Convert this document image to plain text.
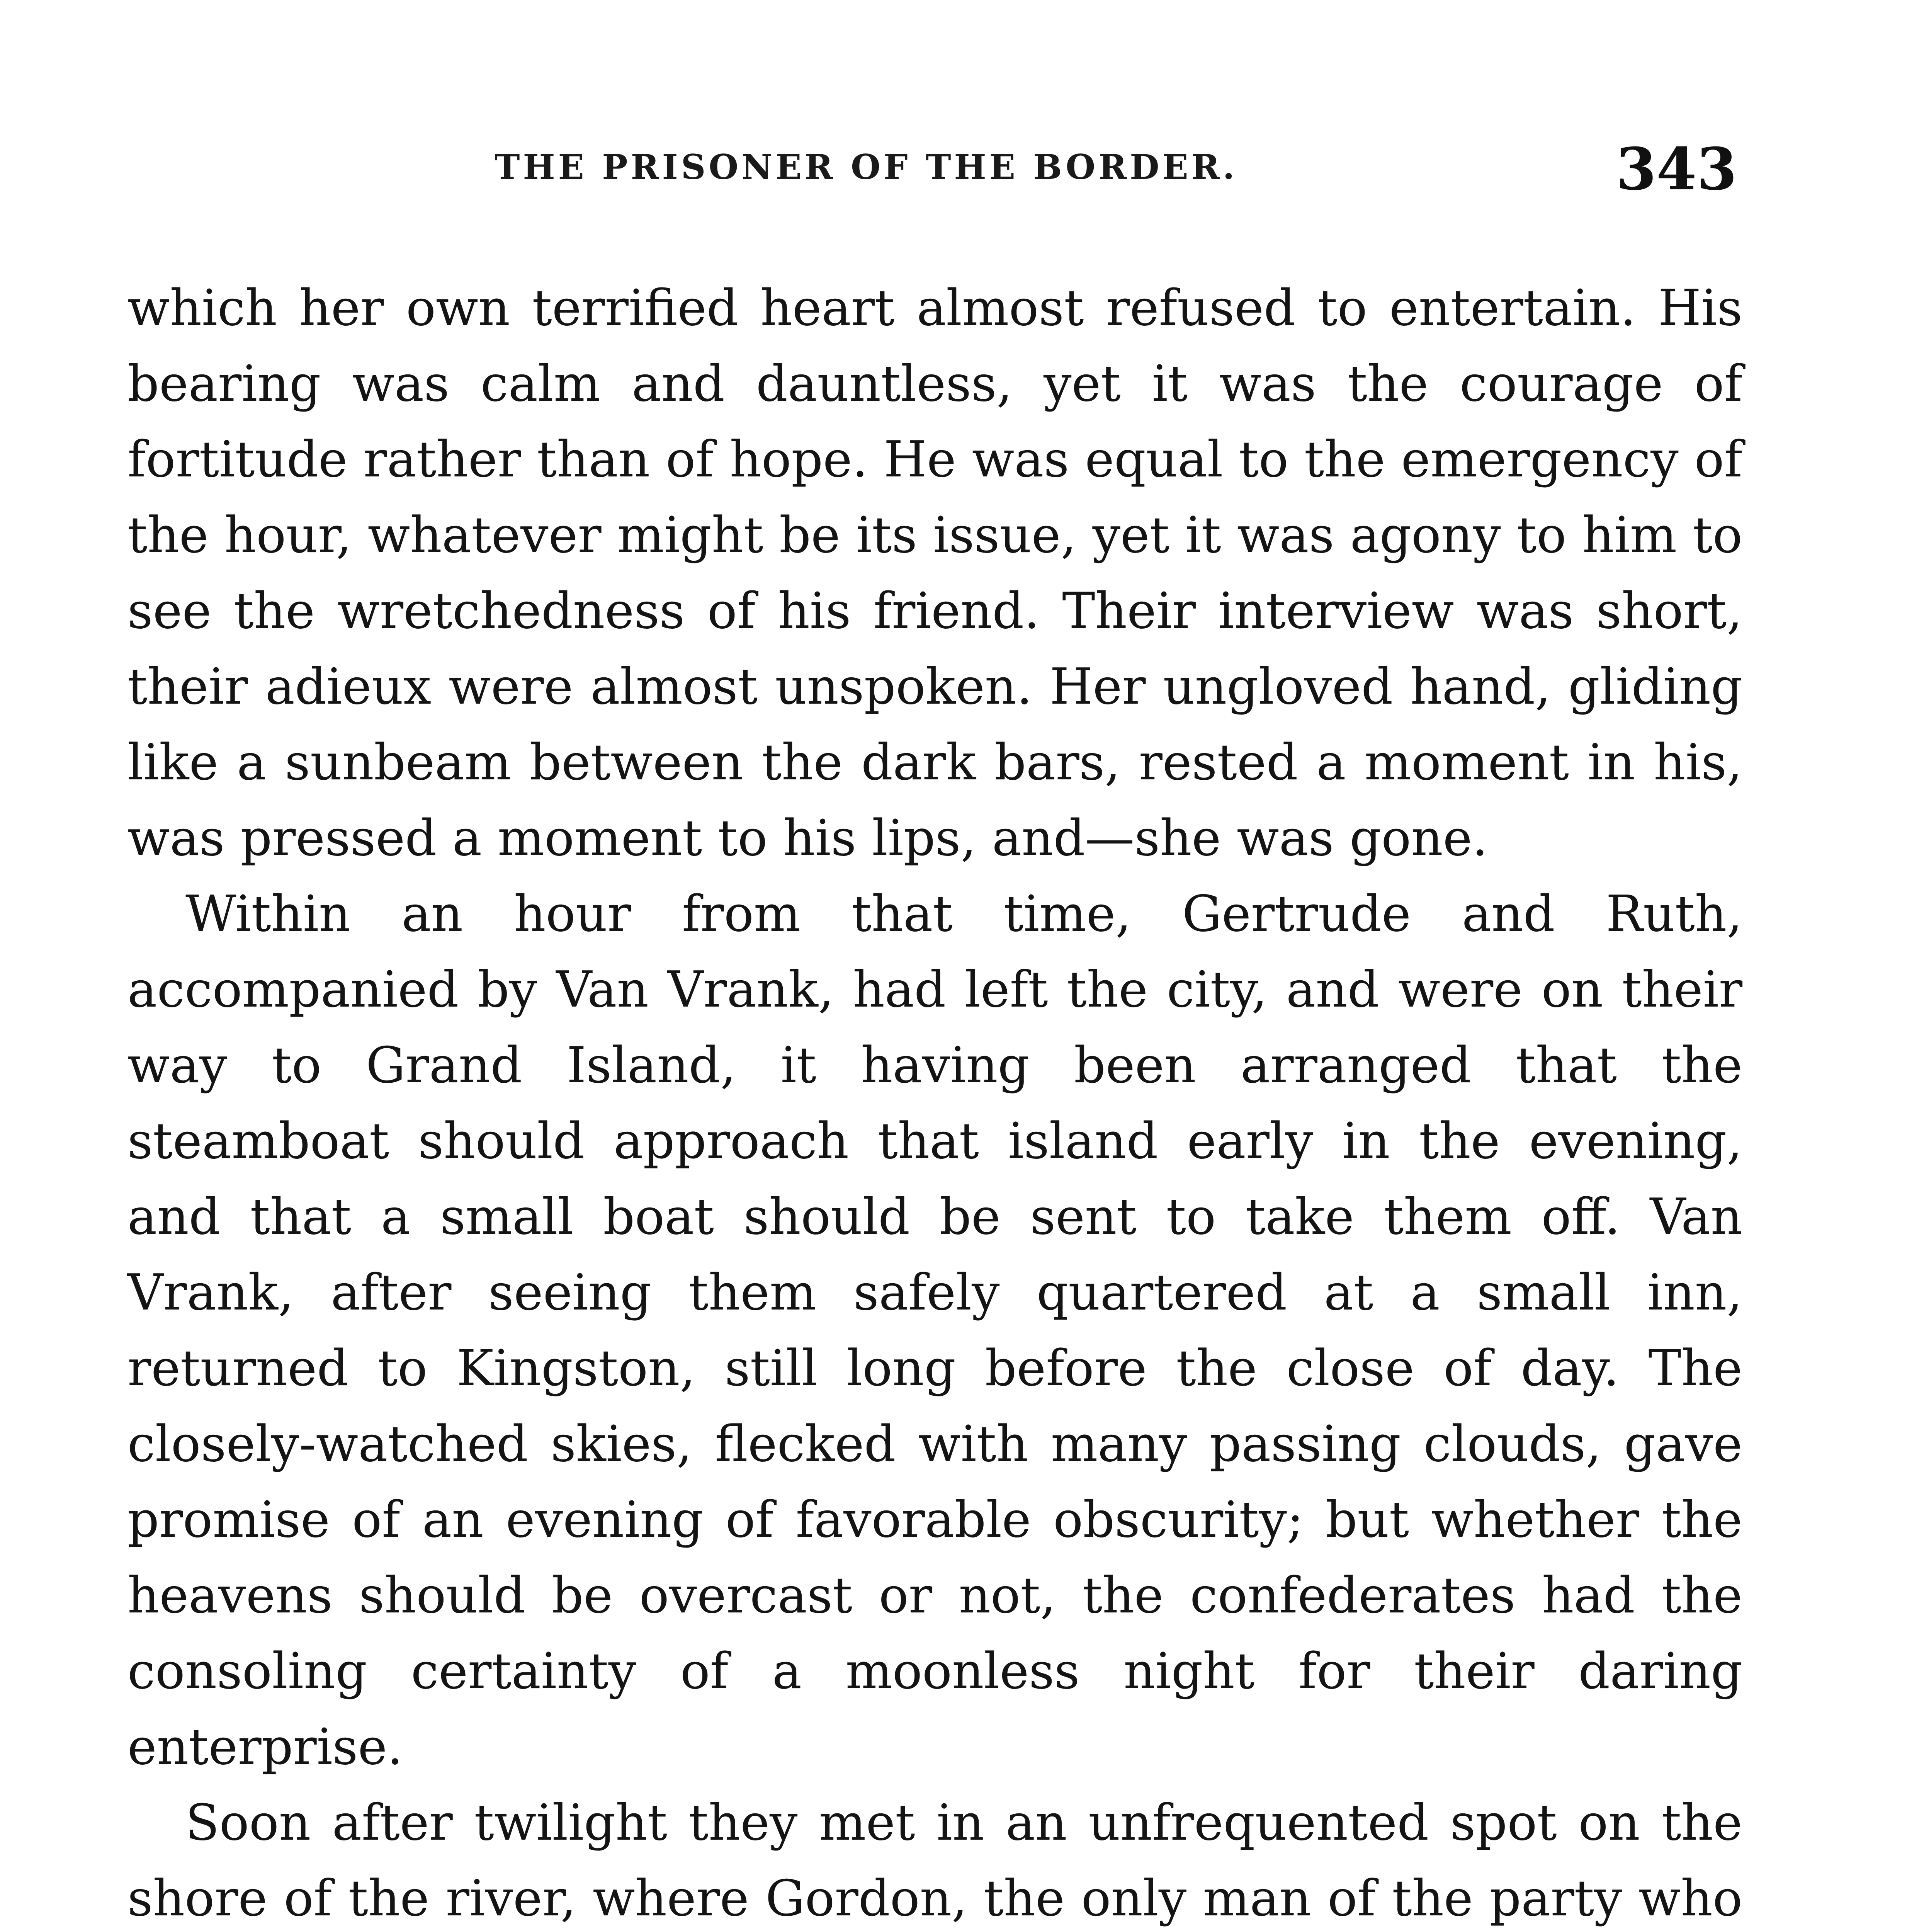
THE PRISONER OF THE BORDER.	343

which her own terrified heart almost refused to entertain. His bearing was calm and dauntless, yet it was the courage of fortitude rather than of hope. He was equal to the emergency of the hour, whatever might be its issue, yet it was agony to him to see the wretchedness of his friend. Their interview was short, their adieux were almost unspoken. Her ungloved hand, gliding like a sunbeam between the dark bars, rested a moment in his, was pressed a moment to his lips, and—she was gone.

Within an hour from that time, Gertrude and Ruth, accompanied by Van Vrank, had left the city, and were on their way to Grand Island, it having been arranged that the steamboat should approach that island early in the evening, and that a small boat should be sent to take them off. Van Vrank, after seeing them safely quartered at a small inn, returned to Kingston, still long before the close of day. The closely-watched skies, flecked with many passing clouds, gave promise of an evening of favorable obscurity; but whether the heavens should be overcast or not, the confederates had the consoling certainty of a moonless night for their daring enterprise.

Soon after twilight they met in an unfrequented spot on the shore of the river, where Gordon, the only man of the party who
